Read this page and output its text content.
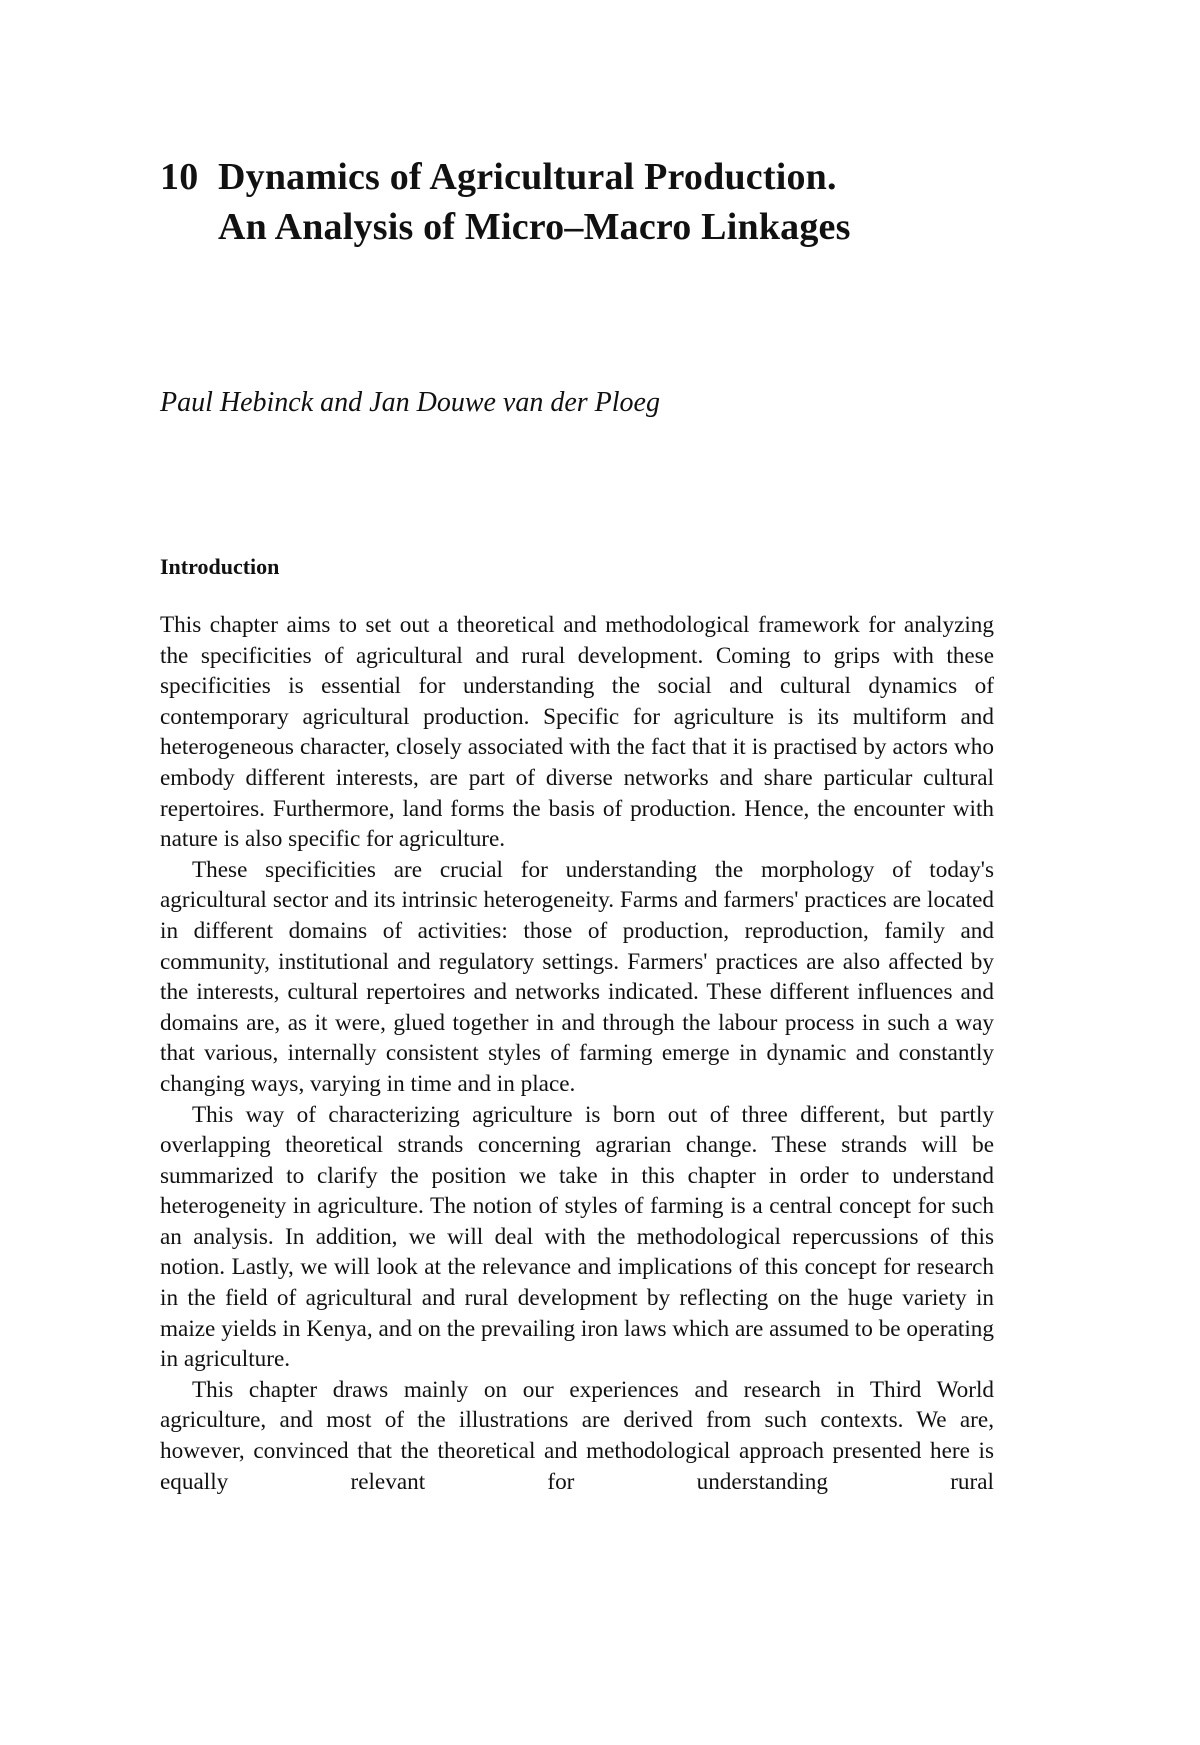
10 Dynamics of Agricultural Production.
An Analysis of Micro–Macro Linkages
Paul Hebinck and Jan Douwe van der Ploeg
Introduction

This chapter aims to set out a theoretical and methodological framework for analyzing the specificities of agricultural and rural development. Coming to grips with these specificities is essential for understanding the social and cultural dynamics of contemporary agricultural production. Specific for agriculture is its multiform and heterogeneous character, closely associated with the fact that it is practised by actors who embody different interests, are part of diverse networks and share particular cultural repertoires. Furthermore, land forms the basis of production. Hence, the encounter with nature is also specific for agriculture.

These specificities are crucial for understanding the morphology of today's agricultural sector and its intrinsic heterogeneity. Farms and farmers' practices are located in different domains of activities: those of production, reproduction, family and community, institutional and regulatory settings. Farmers' practices are also affected by the interests, cultural repertoires and networks indicated. These different influences and domains are, as it were, glued together in and through the labour process in such a way that various, internally consistent styles of farming emerge in dynamic and constantly changing ways, varying in time and in place.

This way of characterizing agriculture is born out of three different, but partly overlapping theoretical strands concerning agrarian change. These strands will be summarized to clarify the position we take in this chapter in order to understand heterogeneity in agriculture. The notion of styles of farming is a central concept for such an analysis. In addition, we will deal with the methodological repercussions of this notion. Lastly, we will look at the relevance and implications of this concept for research in the field of agricultural and rural development by reflecting on the huge variety in maize yields in Kenya, and on the prevailing iron laws which are assumed to be operating in agriculture.

This chapter draws mainly on our experiences and research in Third World agriculture, and most of the illustrations are derived from such contexts. We are, however, convinced that the theoretical and methodological approach presented here is equally relevant for understanding rural
